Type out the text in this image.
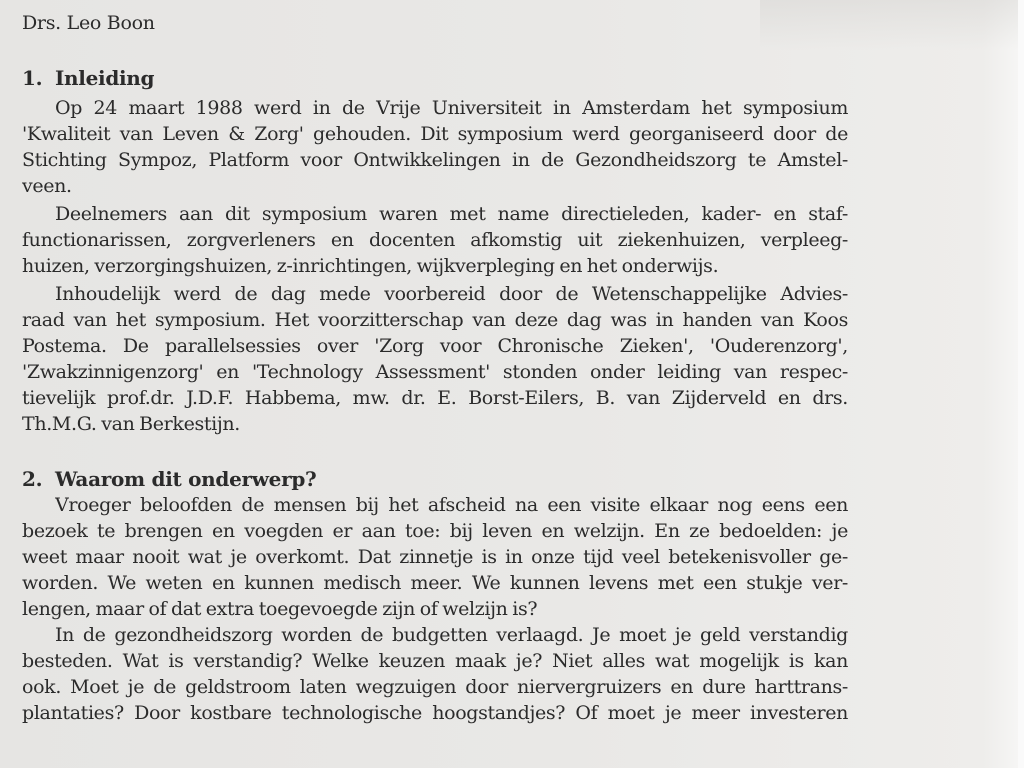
Drs. Leo Boon
1. Inleiding
Op 24 maart 1988 werd in de Vrije Universiteit in Amsterdam het symposium
'Kwaliteit van Leven & Zorg' gehouden. Dit symposium werd georganiseerd door de
Stichting Sympoz, Platform voor Ontwikkelingen in de Gezondheidszorg te Amstel-
veen.
Deelnemers aan dit symposium waren met name directieleden, kader- en staf-
functionarissen, zorgverleners en docenten afkomstig uit ziekenhuizen, verpleeg-
huizen, verzorgingshuizen, z-inrichtingen, wijkverpleging en het onderwijs.
Inhoudelijk werd de dag mede voorbereid door de Wetenschappelijke Advies-
raad van het symposium. Het voorzitterschap van deze dag was in handen van Koos
Postema. De parallelsessies over 'Zorg voor Chronische Zieken', 'Ouderenzorg',
'Zwakzinnigenzorg' en 'Technology Assessment' stonden onder leiding van respec-
tievelijk prof.dr. J.D.F. Habbema, mw. dr. E. Borst-Eilers, B. van Zijderveld en drs.
Th.M.G. van Berkestijn.
2. Waarom dit onderwerp?
Vroeger beloofden de mensen bij het afscheid na een visite elkaar nog eens een
bezoek te brengen en voegden er aan toe: bij leven en welzijn. En ze bedoelden: je
weet maar nooit wat je overkomt. Dat zinnetje is in onze tijd veel betekenisvoller ge-
worden. We weten en kunnen medisch meer. We kunnen levens met een stukje ver-
lengen, maar of dat extra toegevoegde zijn of welzijn is?
In de gezondheidszorg worden de budgetten verlaagd. Je moet je geld verstandig
besteden. Wat is verstandig? Welke keuzen maak je? Niet alles wat mogelijk is kan
ook. Moet je de geldstroom laten wegzuigen door niervergruizers en dure harttrans-
plantaties? Door kostbare technologische hoogstandjes? Of moet je meer investeren
